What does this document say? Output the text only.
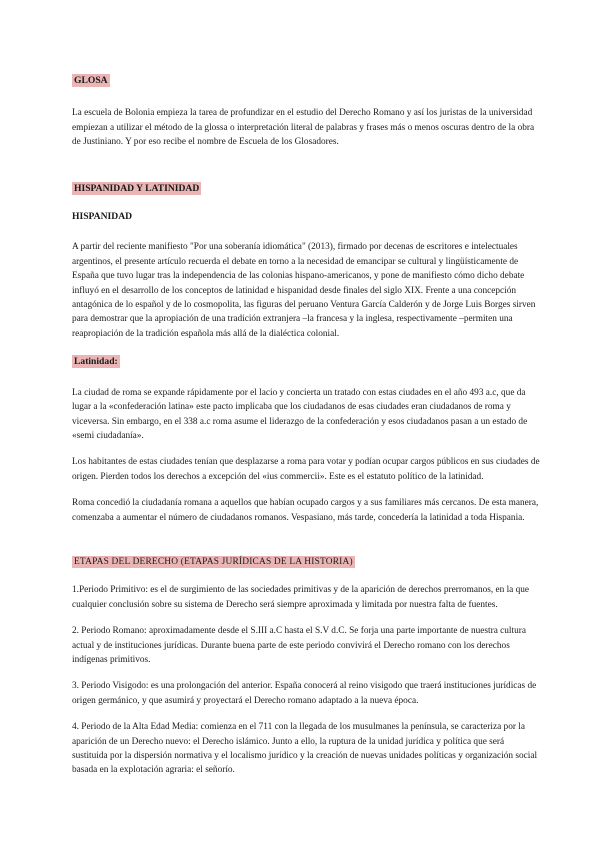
GLOSA

La escuela de Bolonia empieza la tarea de profundizar en el estudio del Derecho Romano y así los juristas de la universidad empiezan a utilizar el método de la glossa o interpretación literal de palabras y frases más o menos oscuras dentro de la obra de Justiniano. Y por eso recibe el nombre de Escuela de los Glosadores.

HISPANIDAD Y LATINIDAD

HISPANIDAD

A partir del reciente manifiesto "Por una soberanía idiomática" (2013), firmado por decenas de escritores e intelectuales argentinos, el presente artículo recuerda el debate en torno a la necesidad de emancipar se cultural y lingüísticamente de España que tuvo lugar tras la independencia de las colonias hispano-americanos, y pone de manifiesto cómo dicho debate influyó en el desarrollo de los conceptos de latinidad e hispanidad desde finales del siglo XIX. Frente a una concepción antagónica de lo español y de lo cosmopolita, las figuras del peruano Ventura García Calderón y de Jorge Luis Borges sirven para demostrar que la apropiación de una tradición extranjera –la francesa y la inglesa, respectivamente –permiten una reapropiación de la tradición española más allá de la dialéctica colonial.

Latinidad:

La ciudad de roma se expande rápidamente por el lacio y concierta un tratado con estas ciudades en el año 493 a.c, que da lugar a la «confederación latina» este pacto implicaba que los ciudadanos de esas ciudades eran ciudadanos de roma y viceversa. Sin embargo, en el 338 a.c roma asume el liderazgo de la confederación y esos ciudadanos pasan a un estado de «semi ciudadanía».

Los habitantes de estas ciudades tenían que desplazarse a roma para votar y podían ocupar cargos públicos en sus ciudades de origen. Pierden todos los derechos a excepción del «ius commercii». Este es el estatuto político de la latinidad.

Roma concedió la ciudadanía romana a aquellos que habían ocupado cargos y a sus familiares más cercanos. De esta manera, comenzaba a aumentar el número de ciudadanos romanos. Vespasiano, más tarde, concedería la latinidad a toda Hispania.

ETAPAS DEL DERECHO (ETAPAS JURÍDICAS DE LA HISTORIA)

1.Periodo Primitivo: es el de surgimiento de las sociedades primitivas y de la aparición de derechos prerromanos, en la que cualquier conclusión sobre su sistema de Derecho será siempre aproximada y limitada por nuestra falta de fuentes.

2. Periodo Romano: aproximadamente desde el S.III a.C hasta el S.V d.C. Se forja una parte importante de nuestra cultura actual y de instituciones jurídicas. Durante buena parte de este periodo convivirá el Derecho romano con los derechos indígenas primitivos.

3. Periodo Visigodo: es una prolongación del anterior. España conocerá al reino visigodo que traerá instituciones jurídicas de origen germánico, y que asumirá y proyectará el Derecho romano adaptado a la nueva época.

4. Periodo de la Alta Edad Media: comienza en el 711 con la llegada de los musulmanes la península, se caracteriza por la aparición de un Derecho nuevo: el Derecho islámico. Junto a ello, la ruptura de la unidad jurídica y política que será sustituida por la dispersión normativa y el localismo jurídico y la creación de nuevas unidades políticas y organización social basada en la explotación agraria: el señorío.
